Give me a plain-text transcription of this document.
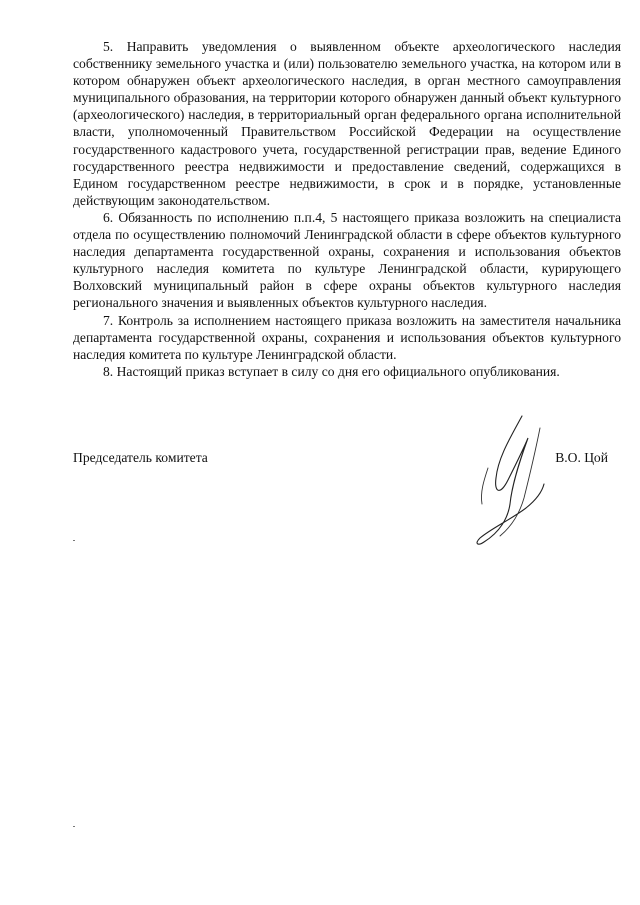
5. Направить уведомления о выявленном объекте археологического наследия собственнику земельного участка и (или) пользователю земельного участка, на котором или в котором обнаружен объект археологического наследия, в орган местного самоуправления муниципального образования, на территории которого обнаружен данный объект культурного (археологического) наследия, в территориальный орган федерального органа исполнительной власти, уполномоченный Правительством Российской Федерации на осуществление государственного кадастрового учета, государственной регистрации прав, ведение Единого государственного реестра недвижимости и предоставление сведений, содержащихся в Едином государственном реестре недвижимости, в срок и в порядке, установленные действующим законодательством.

6. Обязанность по исполнению п.п.4, 5 настоящего приказа возложить на специалиста отдела по осуществлению полномочий Ленинградской области в сфере объектов культурного наследия департамента государственной охраны, сохранения и использования объектов культурного наследия комитета по культуре Ленинградской области, курирующего Волховский муниципальный район в сфере охраны объектов культурного наследия регионального значения и выявленных объектов культурного наследия.

7. Контроль за исполнением настоящего приказа возложить на заместителя начальника департамента государственной охраны, сохранения и использования объектов культурного наследия комитета по культуре Ленинградской области.

8. Настоящий приказ вступает в силу со дня его официального опубликования.

Председатель комитета	В.О. Цой
